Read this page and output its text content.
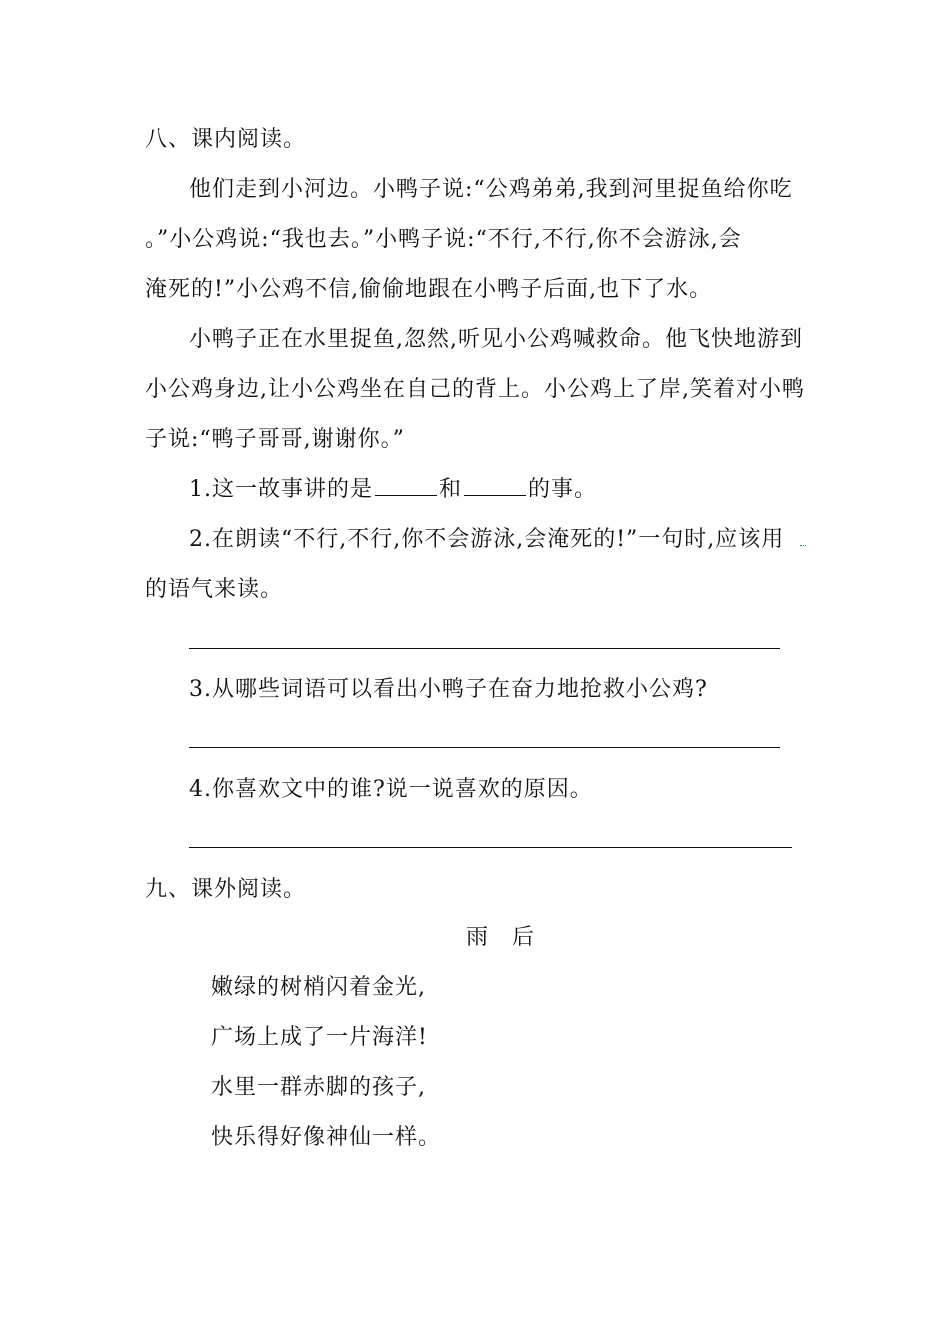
八、课内阅读。
他们走到小河边。小鸭子说:“公鸡弟弟,我到河里捉鱼给你吃
。”小公鸡说:“我也去。”小鸭子说:“不行,不行,你不会游泳,会
淹死的!”小公鸡不信,偷偷地跟在小鸭子后面,也下了水。
小鸭子正在水里捉鱼,忽然,听见小公鸡喊救命。他飞快地游到
小公鸡身边,让小公鸡坐在自己的背上。小公鸡上了岸,笑着对小鸭
子说:“鸭子哥哥,谢谢你。”
1.这一故事讲的是	和	的事。
2.在朗读“不行,不行,你不会游泳,会淹死的!”一句时,应该用
的语气来读。
3.从哪些词语可以看出小鸭子在奋力地抢救小公鸡?
4.你喜欢文中的谁?说一说喜欢的原因。
九、课外阅读。
雨　后
嫩绿的树梢闪着金光,
广场上成了一片海洋!
水里一群赤脚的孩子,
快乐得好像神仙一样。
